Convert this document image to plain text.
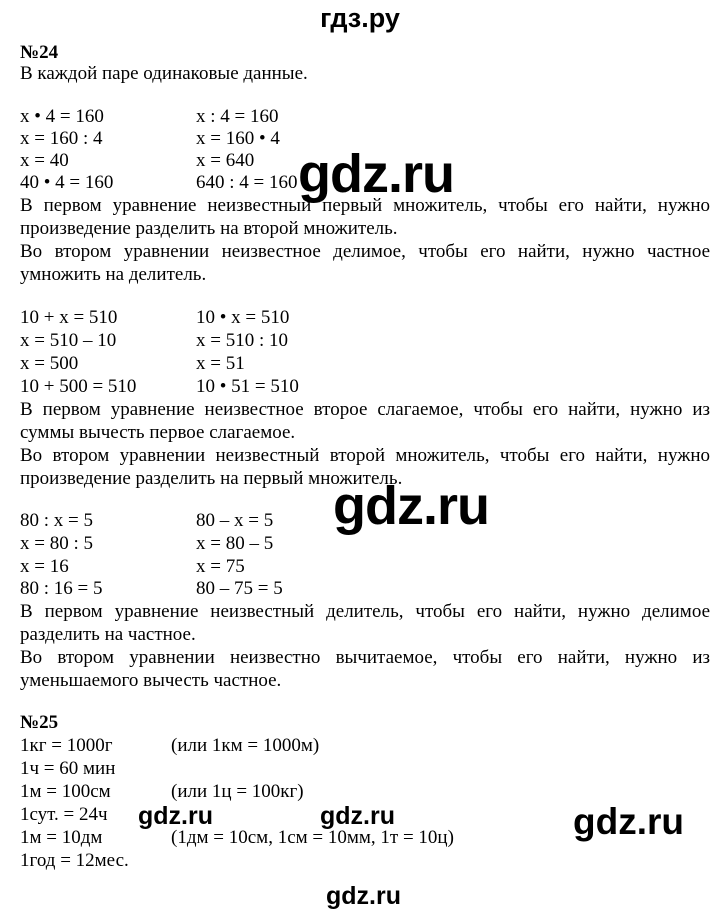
гдз.ру
№24
В каждой паре одинаковые данные.
x • 4 = 160	x : 4 = 160
x = 160 : 4	x = 160 • 4
x = 40	x = 640
40 • 4 = 160	640 : 4 = 160
В первом уравнение неизвестный первый множитель, чтобы его найти, нужно
произведение разделить на второй множитель.
Во втором уравнении неизвестное делимое, чтобы его найти, нужно частное
умножить на делитель.
10 + x = 510	10 • x = 510
x = 510 – 10	x = 510 : 10
x = 500	x = 51
10 + 500 = 510	10 • 51 = 510
В первом уравнение неизвестное второе слагаемое, чтобы его найти, нужно из
суммы вычесть первое слагаемое.
Во втором уравнении неизвестный второй множитель, чтобы его найти, нужно
произведение разделить на первый множитель.
80 : x = 5	80 – x = 5
x = 80 : 5	x = 80 – 5
x = 16	x = 75
80 : 16 = 5	80 – 75 = 5
В первом уравнение неизвестный делитель, чтобы его найти, нужно делимое
разделить на частное.
Во втором уравнении неизвестно вычитаемое, чтобы его найти, нужно из
уменьшаемого вычесть частное.
№25
1кг = 1000г	(или 1км = 1000м)
1ч = 60 мин
1м = 100см	(или 1ц = 100кг)
1сут. = 24ч
1м = 10дм	(1дм = 10см, 1см = 10мм, 1т = 10ц)
1год = 12мес.
gdz.ru
gdz.ru
gdz.ru	gdz.ru	gdz.ru
gdz.ru
